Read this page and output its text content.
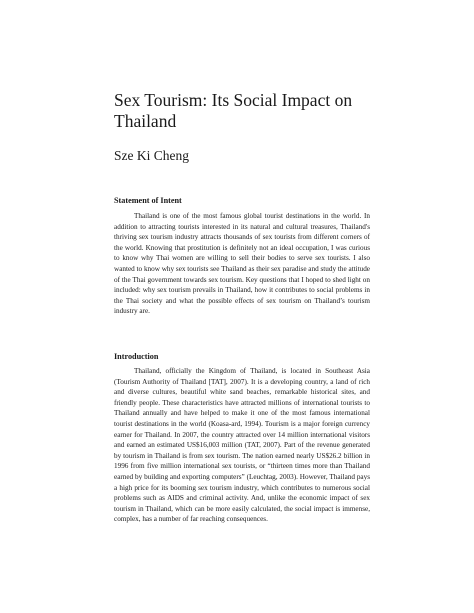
Sex Tourism: Its Social Impact on Thailand

Sze Ki Cheng

Statement of Intent

Thailand is one of the most famous global tourist destinations in the world. In addition to attracting tourists interested in its natural and cultural treasures, Thailand's thriving sex tourism industry attracts thousands of sex tourists from different corners of the world. Knowing that prostitution is definitely not an ideal occupation, I was curious to know why Thai women are willing to sell their bodies to serve sex tourists. I also wanted to know why sex tourists see Thailand as their sex paradise and study the attitude of the Thai government towards sex tourism. Key questions that I hoped to shed light on included: why sex tourism prevails in Thailand, how it contributes to social problems in the Thai society and what the possible effects of sex tourism on Thailand’s tourism industry are.

Introduction

Thailand, officially the Kingdom of Thailand, is located in Southeast Asia (Tourism Authority of Thailand [TAT], 2007). It is a developing country, a land of rich and diverse cultures, beautiful white sand beaches, remarkable historical sites, and friendly people. These characteristics have attracted millions of international tourists to Thailand annually and have helped to make it one of the most famous international tourist destinations in the world (Koasa-ard, 1994). Tourism is a major foreign currency earner for Thailand. In 2007, the country attracted over 14 million international visitors and earned an estimated US$16,003 million (TAT, 2007). Part of the revenue generated by tourism in Thailand is from sex tourism. The nation earned nearly US$26.2 billion in 1996 from five million international sex tourists, or “thirteen times more than Thailand earned by building and exporting computers” (Leuchtag, 2003). However, Thailand pays a high price for its booming sex tourism industry, which contributes to numerous social problems such as AIDS and criminal activity. And, unlike the economic impact of sex tourism in Thailand, which can be more easily calculated, the social impact is immense, complex, has a number of far reaching consequences.
